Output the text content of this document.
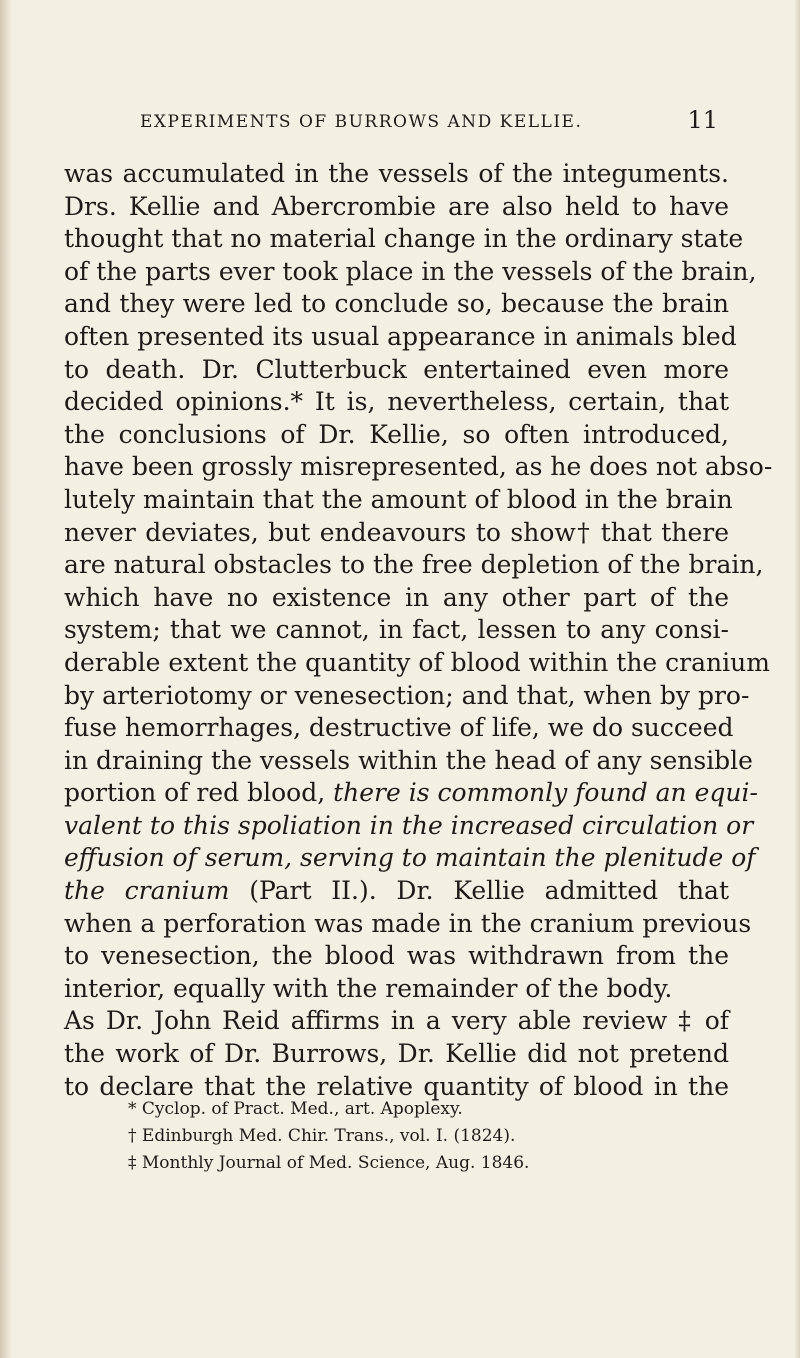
EXPERIMENTS OF BURROWS AND KELLIE.	11
was accumulated in the vessels of the integuments.
Drs. Kellie and Abercrombie are also held to have
thought that no material change in the ordinary state
of the parts ever took place in the vessels of the brain,
and they were led to conclude so, because the brain
often presented its usual appearance in animals bled
to death. Dr. Clutterbuck entertained even more
decided opinions.* It is, nevertheless, certain, that
the conclusions of Dr. Kellie, so often introduced,
have been grossly misrepresented, as he does not abso-
lutely maintain that the amount of blood in the brain
never deviates, but endeavours to show† that there
are natural obstacles to the free depletion of the brain,
which have no existence in any other part of the
system; that we cannot, in fact, lessen to any consi-
derable extent the quantity of blood within the cranium
by arteriotomy or venesection; and that, when by pro-
fuse hemorrhages, destructive of life, we do succeed
in draining the vessels within the head of any sensible
portion of red blood, there is commonly found an equi-
valent to this spoliation in the increased circulation or
effusion of serum, serving to maintain the plenitude of
the cranium (Part II.). Dr. Kellie admitted that
when a perforation was made in the cranium previous
to venesection, the blood was withdrawn from the
interior, equally with the remainder of the body.
As Dr. John Reid affirms in a very able review ‡ of
the work of Dr. Burrows, Dr. Kellie did not pretend
to declare that the relative quantity of blood in the
* Cyclop. of Pract. Med., art. Apoplexy.
† Edinburgh Med. Chir. Trans., vol. I. (1824).
‡ Monthly Journal of Med. Science, Aug. 1846.
